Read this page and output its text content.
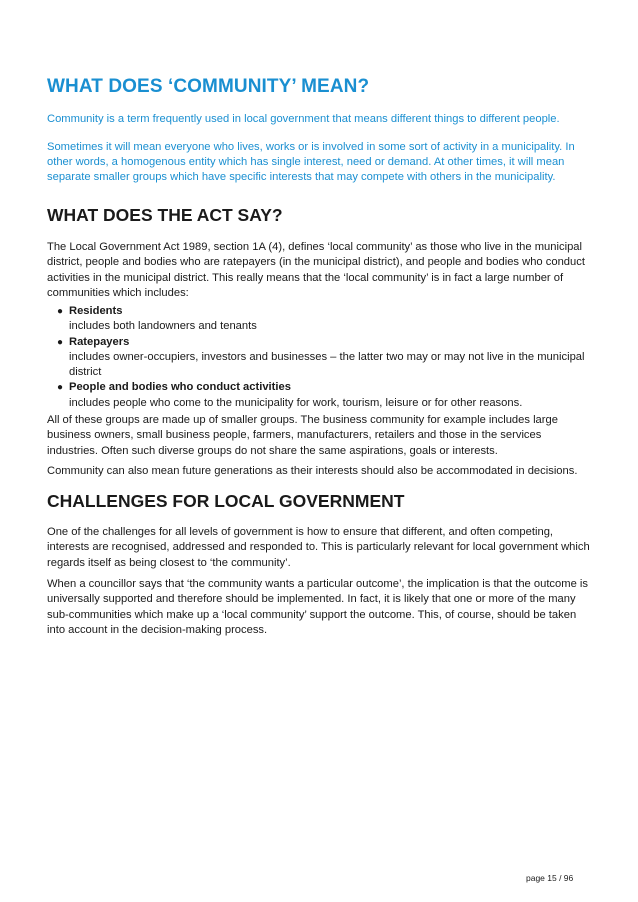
WHAT DOES ‘COMMUNITY’ MEAN?

Community is a term frequently used in local government that means different things to different people.

Sometimes it will mean everyone who lives, works or is involved in some sort of activity in a municipality. In other words, a homogenous entity which has single interest, need or demand. At other times, it will mean separate smaller groups which have specific interests that may compete with others in the municipality.

WHAT DOES THE ACT SAY?

The Local Government Act 1989, section 1A (4), defines ‘local community’ as those who live in the municipal district, people and bodies who are ratepayers (in the municipal district), and people and bodies who conduct activities in the municipal district. This really means that the ‘local community’ is in fact a large number of communities which includes:

● Residents
includes both landowners and tenants
● Ratepayers
includes owner-occupiers, investors and businesses – the latter two may or may not live in the municipal district
● People and bodies who conduct activities
includes people who come to the municipality for work, tourism, leisure or for other reasons.

All of these groups are made up of smaller groups. The business community for example includes large business owners, small business people, farmers, manufacturers, retailers and those in the services industries. Often such diverse groups do not share the same aspirations, goals or interests.

Community can also mean future generations as their interests should also be accommodated in decisions.

CHALLENGES FOR LOCAL GOVERNMENT

One of the challenges for all levels of government is how to ensure that different, and often competing, interests are recognised, addressed and responded to. This is particularly relevant for local government which regards itself as being closest to ‘the community’.

When a councillor says that ‘the community wants a particular outcome’, the implication is that the outcome is universally supported and therefore should be implemented. In fact, it is likely that one or more of the many sub-communities which make up a ‘local community’ support the outcome. This, of course, should be taken into account in the decision-making process.

page 15 / 96
